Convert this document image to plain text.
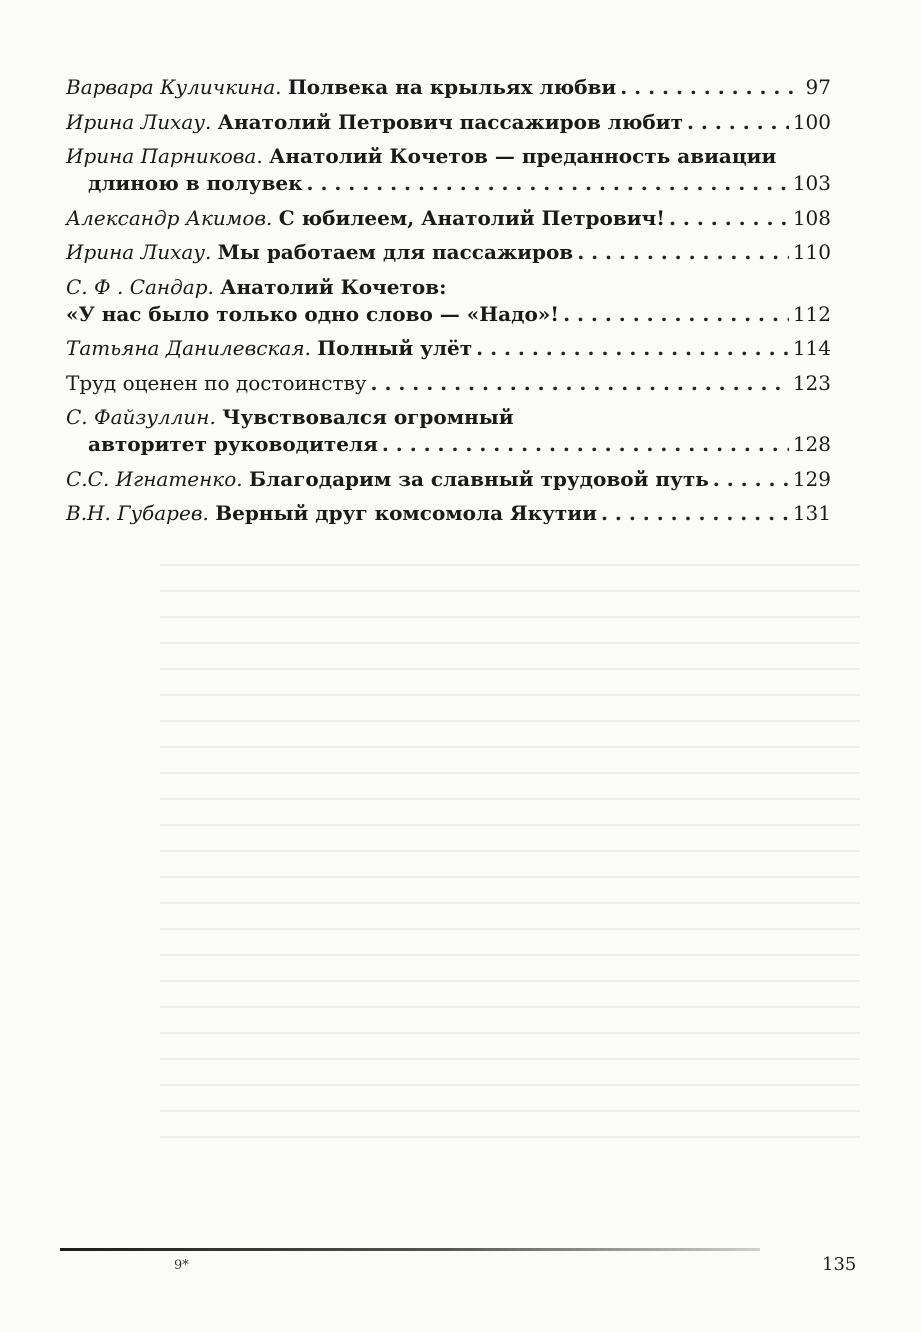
Варвара Куличкина. Полвека на крыльях любви . . .	97
Ирина Лихау. Анатолий Петрович пассажиров любит . . .	100
Ирина Парникова. Анатолий Кочетов — преданность авиации
длиною в полувек . . .	103
Александр Акимов. С юбилеем, Анатолий Петрович! . . .	108
Ирина Лихау. Мы работаем для пассажиров . . .	110
С. Ф . Сандар. Анатолий Кочетов:
«У нас было только одно слово — «Надо»! . . .	112
Татьяна Данилевская. Полный улёт . . .	114
Труд оценен по достоинству . . .	123
С. Файзуллин. Чувствовался огромный
авторитет руководителя . . .	128
С.С. Игнатенко. Благодарим за славный трудовой путь . . .	129
В.Н. Губарев. Верный друг комсомола Якутии . . .	131
9*	135
